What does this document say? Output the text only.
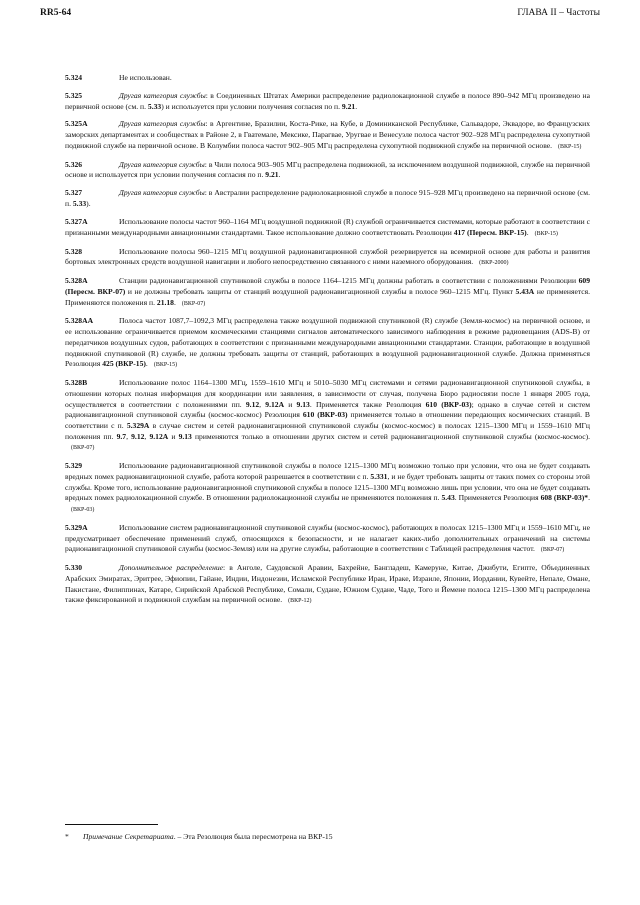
RR5-64	ГЛАВА II – Частоты
5.324	Не использован.
5.325	Другая категория службы: в Соединенных Штатах Америки распределение радиолокационной службе в полосе 890–942 МГц произведено на первичной основе (см. п. 5.33) и используется при условии получения согласия по п. 9.21.
5.325А	Другая категория службы: в Аргентине, Бразилии, Коста-Рике, на Кубе, в Доминиканской Республике, Сальвадоре, Эквадоре, во Французских заморских департаментах и сообществах в Районе 2, в Гватемале, Мексике, Парагвае, Уругвае и Венесуэле полоса частот 902–928 МГц распределена сухопутной подвижной службе на первичной основе. В Колумбии полоса частот 902–905 МГц распределена сухопутной подвижной службе на первичной основе. (ВКР-15)
5.326	Другая категория службы: в Чили полоса 903–905 МГц распределена подвижной, за исключением воздушной подвижной, службе на первичной основе и используется при условии получения согласия по п. 9.21.
5.327	Другая категория службы: в Австралии распределение радиолокационной службе в полосе 915–928 МГц произведено на первичной основе (см. п. 5.33).
5.327А	Использование полосы частот 960–1164 МГц воздушной подвижной (R) службой ограничивается системами, которые работают в соответствии с признанными международными авиационными стандартами. Такое использование должно соответствовать Резолюции 417 (Пересм. ВКР-15). (ВКР-15)
5.328	Использование полосы 960–1215 МГц воздушной радионавигационной службой резервируется на всемирной основе для работы и развития бортовых электронных средств воздушной навигации и любого непосредственно связанного с ними наземного оборудования. (ВКР-2000)
5.328А	Станции радионавигационной спутниковой службы в полосе 1164–1215 МГц должны работать в соответствии с положениями Резолюции 609 (Пересм. ВКР-07) и не должны требовать защиты от станций воздушной радионавигационной службы в полосе 960–1215 МГц. Пункт 5.43А не применяется. Применяются положения п. 21.18. (ВКР-07)
5.328АА	Полоса частот 1087,7–1092,3 МГц распределена также воздушной подвижной спутниковой (R) службе (Земля-космос) на первичной основе, и ее использование ограничивается приемом космическими станциями сигналов автоматического зависимого наблюдения в режиме радиовещания (ADS-B) от передатчиков воздушных судов, работающих в соответствии с признанными международными авиационными стандартами. Станции, работающие в воздушной подвижной спутниковой (R) службе, не должны требовать защиты от станций, работающих в воздушной радионавигационной службе. Должна применяться Резолюция 425 (ВКР-15). (ВКР-15)
5.328В	Использование полос 1164–1300 МГц, 1559–1610 МГц и 5010–5030 МГц системами и сетями радионавигационной спутниковой службы, в отношении которых полная информация для координации или заявления, в зависимости от случая, получена Бюро радиосвязи после 1 января 2005 года, осуществляется в соответствии с положениями пп. 9.12, 9.12А и 9.13. Применяется также Резолюция 610 (ВКР-03); однако в случае сетей и систем радионавигационной спутниковой службы (космос-космос) Резолюция 610 (ВКР-03) применяется только в отношении передающих космических станций. В соответствии с п. 5.329А в случае систем и сетей радионавигационной спутниковой службы (космос-космос) в полосах 1215–1300 МГц и 1559–1610 МГц положения пп. 9.7, 9.12, 9.12А и 9.13 применяются только в отношении других систем и сетей радионавигационной спутниковой службы (космос-космос).(ВКР-07)
5.329	Использование радионавигационной спутниковой службы в полосе 1215–1300 МГц возможно только при условии, что она не будет создавать вредных помех радионавигационной службе, работа которой разрешается в соответствии с п. 5.331, и не будет требовать защиты от таких помех со стороны этой службы. Кроме того, использование радионавигационной спутниковой службы в полосе 1215–1300 МГц возможно лишь при условии, что она не будет создавать вредных помех радиолокационной службе. В отношении радиолокационной службы не применяются положения п. 5.43. Применяется Резолюция 608 (ВКР-03)*.(ВКР-03)
5.329А	Использование систем радионавигационной спутниковой службы (космос-космос), работающих в полосах 1215–1300 МГц и 1559–1610 МГц, не предусматривает обеспечение применений служб, относящихся к безопасности, и не налагает каких-либо дополнительных ограничений на системы радионавигационной спутниковой службы (космос-Земля) или на другие службы, работающие в соответствии с Таблицей распределения частот. (ВКР-07)
5.330	Дополнительное распределение: в Анголе, Саудовской Аравии, Бахрейне, Бангладеш, Камеруне, Китае, Джибути, Египте, Объединенных Арабских Эмиратах, Эритрее, Эфиопии, Гайане, Индии, Индонезии, Исламской Республике Иран, Ираке, Израиле, Японии, Иордании, Кувейте, Непале, Омане, Пакистане, Филиппинах, Катаре, Сирийской Арабской Республике, Сомали, Судане, Южном Судане, Чаде, Того и Йемене полоса 1215–1300 МГц распределена также фиксированной и подвижной службам на первичной основе. (ВКР-12)
* Примечание Секретариата. – Эта Резолюция была пересмотрена на ВКР-15
